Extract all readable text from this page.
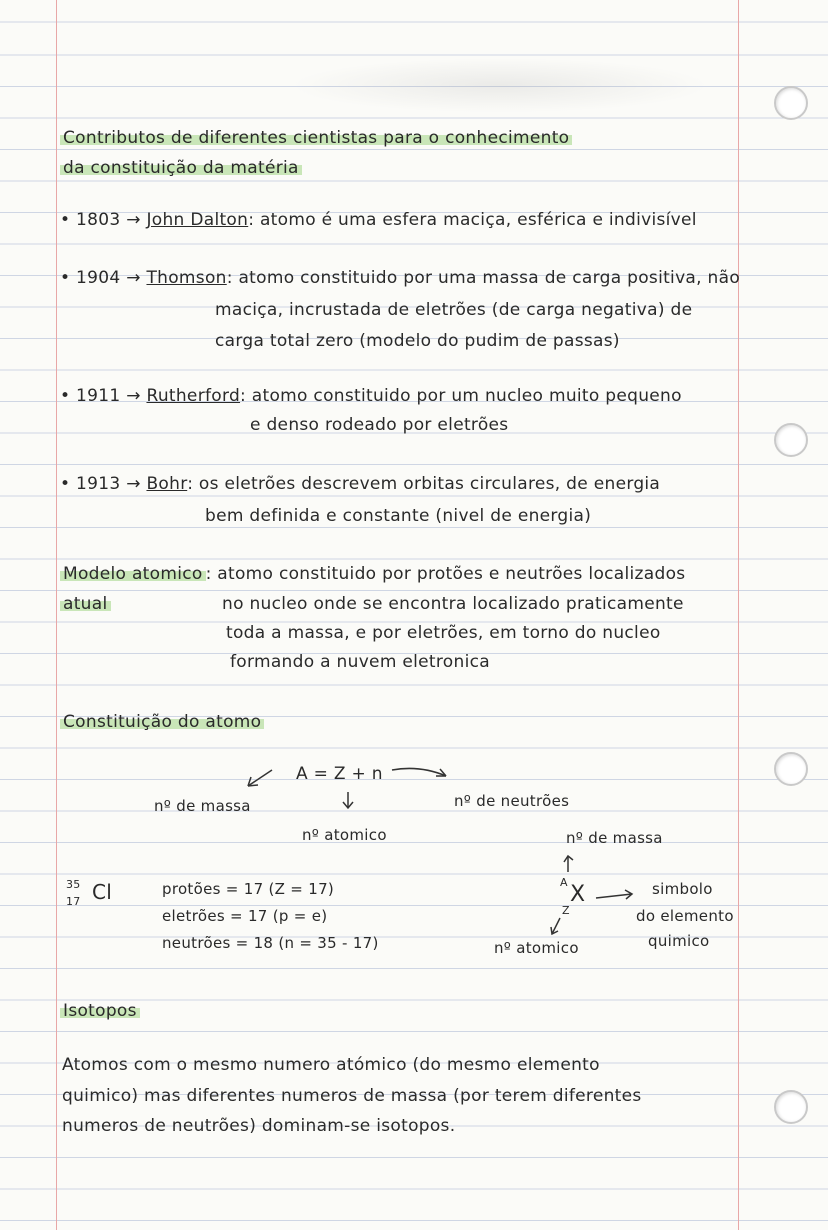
Contributos de diferentes cientistas para o conhecimento
da constituição da matéria
• 1803 → John Dalton: atomo é uma esfera maciça, esférica e indivisível
• 1904 → Thomson: atomo constituido por uma massa de carga positiva, não
maciça, incrustada de eletrões (de carga negativa) de
carga total zero (modelo do pudim de passas)
• 1911 → Rutherford: atomo constituido por um nucleo muito pequeno
e denso rodeado por eletrões
• 1913 → Bohr: os eletrões descrevem orbitas circulares, de energia
bem definida e constante (nivel de energia)
Modelo atomico : atomo constituido por protões e neutrões localizados
atual	no nucleo onde se encontra localizado praticamente
toda a massa, e por eletrões, em torno do nucleo
formando a nuvem eletronica
Constituição do atomo
A = Z + n
nº de massa	nº de neutrões
nº atomico
35
17 Cl	protões = 17 (Z = 17)
eletrões = 17 (p = e)
neutrões = 18 (n = 35 - 17)
nº de massa
A X
Z
simbolo
do elemento
quimico
nº atomico
Isotopos
Atomos com o mesmo numero atómico (do mesmo elemento
quimico) mas diferentes numeros de massa (por terem diferentes
numeros de neutrões) dominam-se isotopos.
